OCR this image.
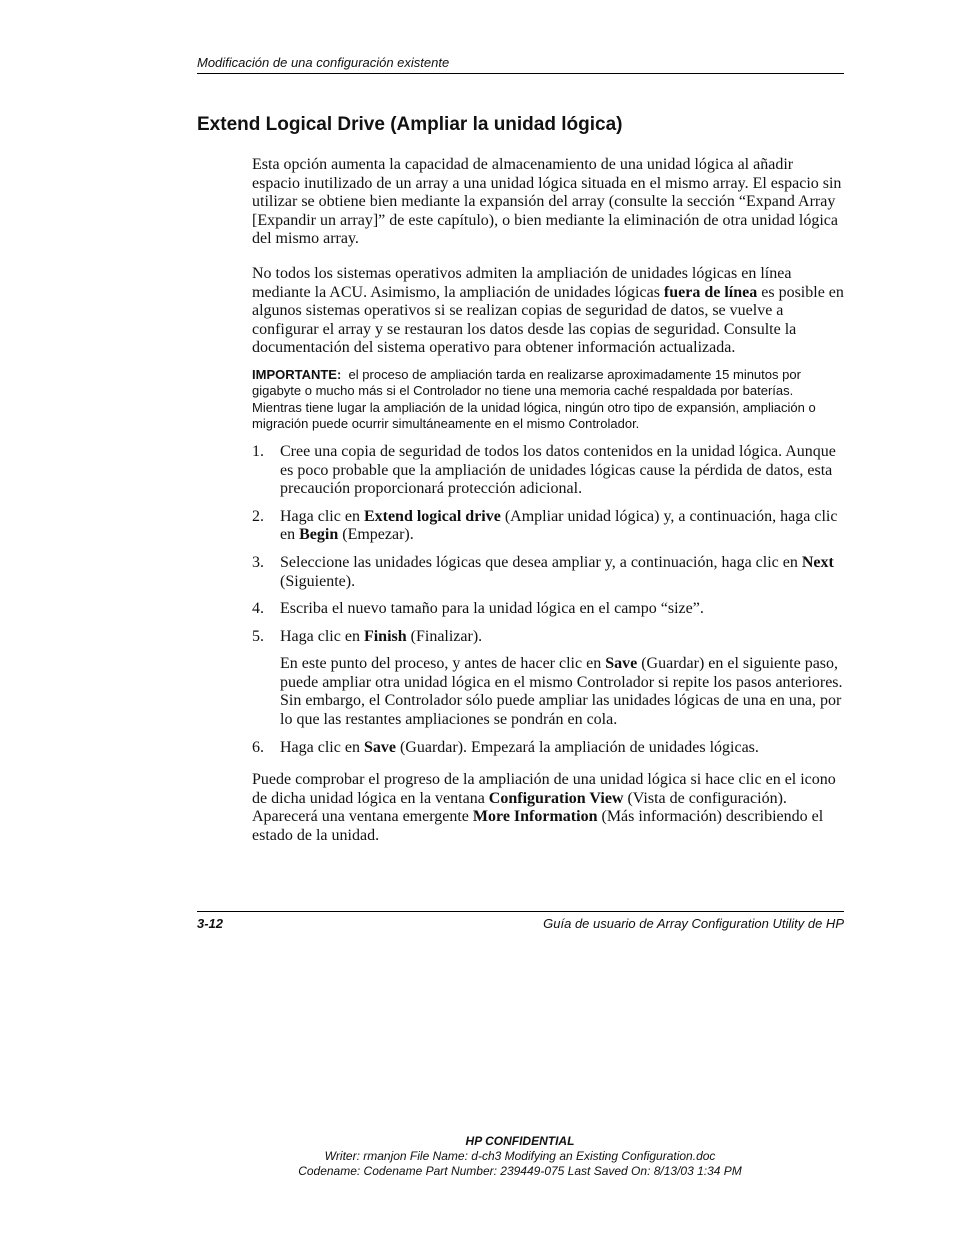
Modificación de una configuración existente
Extend Logical Drive (Ampliar la unidad lógica)

Esta opción aumenta la capacidad de almacenamiento de una unidad lógica al añadir espacio inutilizado de un array a una unidad lógica situada en el mismo array. El espacio sin utilizar se obtiene bien mediante la expansión del array (consulte la sección “Expand Array [Expandir un array]” de este capítulo), o bien mediante la eliminación de otra unidad lógica del mismo array.

No todos los sistemas operativos admiten la ampliación de unidades lógicas en línea mediante la ACU. Asimismo, la ampliación de unidades lógicas fuera de línea es posible en algunos sistemas operativos si se realizan copias de seguridad de datos, se vuelve a configurar el array y se restauran los datos desde las copias de seguridad. Consulte la documentación del sistema operativo para obtener información actualizada.

IMPORTANTE: el proceso de ampliación tarda en realizarse aproximadamente 15 minutos por gigabyte o mucho más si el Controlador no tiene una memoria caché respaldada por baterías. Mientras tiene lugar la ampliación de la unidad lógica, ningún otro tipo de expansión, ampliación o migración puede ocurrir simultáneamente en el mismo Controlador.

1. Cree una copia de seguridad de todos los datos contenidos en la unidad lógica. Aunque es poco probable que la ampliación de unidades lógicas cause la pérdida de datos, esta precaución proporcionará protección adicional.
2. Haga clic en Extend logical drive (Ampliar unidad lógica) y, a continuación, haga clic en Begin (Empezar).
3. Seleccione las unidades lógicas que desea ampliar y, a continuación, haga clic en Next (Siguiente).
4. Escriba el nuevo tamaño para la unidad lógica en el campo “size”.
5. Haga clic en Finish (Finalizar).

En este punto del proceso, y antes de hacer clic en Save (Guardar) en el siguiente paso, puede ampliar otra unidad lógica en el mismo Controlador si repite los pasos anteriores. Sin embargo, el Controlador sólo puede ampliar las unidades lógicas de una en una, por lo que las restantes ampliaciones se pondrán en cola.

6. Haga clic en Save (Guardar). Empezará la ampliación de unidades lógicas.

Puede comprobar el progreso de la ampliación de una unidad lógica si hace clic en el icono de dicha unidad lógica en la ventana Configuration View (Vista de configuración). Aparecerá una ventana emergente More Information (Más información) describiendo el estado de la unidad.

3-12	Guía de usuario de Array Configuration Utility de HP
HP CONFIDENTIAL
Writer: rmanjon File Name: d-ch3 Modifying an Existing Configuration.doc
Codename: Codename Part Number: 239449-075 Last Saved On: 8/13/03 1:34 PM
